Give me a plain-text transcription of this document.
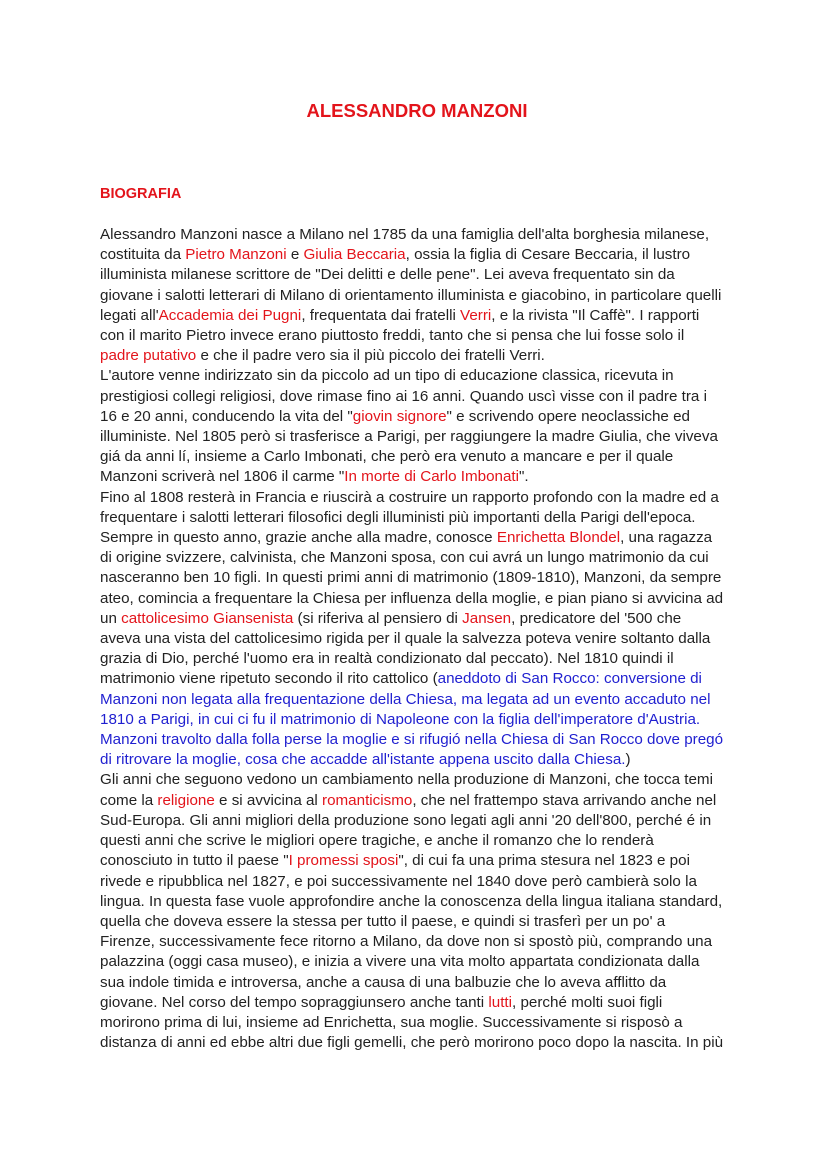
ALESSANDRO MANZONI
BIOGRAFIA
Alessandro Manzoni nasce a Milano nel 1785 da una famiglia dell'alta borghesia milanese,
costituita da Pietro Manzoni e Giulia Beccaria, ossia la figlia di Cesare Beccaria, il lustro
illuminista milanese scrittore de "Dei delitti e delle pene". Lei aveva frequentato sin da
giovane i salotti letterari di Milano di orientamento illuminista e giacobino, in particolare quelli
legati all'Accademia dei Pugni, frequentata dai fratelli Verri, e la rivista "Il Caffè". I rapporti
con il marito Pietro invece erano piuttosto freddi, tanto che si pensa che lui fosse solo il
padre putativo e che il padre vero sia il più piccolo dei fratelli Verri.
L'autore venne indirizzato sin da piccolo ad un tipo di educazione classica, ricevuta in
prestigiosi collegi religiosi, dove rimase fino ai 16 anni. Quando uscì visse con il padre tra i
16 e 20 anni, conducendo la vita del "giovin signore" e scrivendo opere neoclassiche ed
illuministe. Nel 1805 però si trasferisce a Parigi, per raggiungere la madre Giulia, che viveva
giá da anni lí, insieme a Carlo Imbonati, che però era venuto a mancare e per il quale
Manzoni scriverà nel 1806 il carme "In morte di Carlo Imbonati".
Fino al 1808 resterà in Francia e riuscirà a costruire un rapporto profondo con la madre ed a
frequentare i salotti letterari filosofici degli illuministi più importanti della Parigi dell'epoca.
Sempre in questo anno, grazie anche alla madre, conosce Enrichetta Blondel, una ragazza
di origine svizzere, calvinista, che Manzoni sposa, con cui avrá un lungo matrimonio da cui
nasceranno ben 10 figli. In questi primi anni di matrimonio (1809-1810), Manzoni, da sempre
ateo, comincia a frequentare la Chiesa per influenza della moglie, e pian piano si avvicina ad
un cattolicesimo Giansenista (si riferiva al pensiero di Jansen, predicatore del '500 che
aveva una vista del cattolicesimo rigida per il quale la salvezza poteva venire soltanto dalla
grazia di Dio, perché l'uomo era in realtà condizionato dal peccato). Nel 1810 quindi il
matrimonio viene ripetuto secondo il rito cattolico (aneddoto di San Rocco: conversione di
Manzoni non legata alla frequentazione della Chiesa, ma legata ad un evento accaduto nel
1810 a Parigi, in cui ci fu il matrimonio di Napoleone con la figlia dell'imperatore d'Austria.
Manzoni travolto dalla folla perse la moglie e si rifugió nella Chiesa di San Rocco dove pregó
di ritrovare la moglie, cosa che accadde all'istante appena uscito dalla Chiesa.)
Gli anni che seguono vedono un cambiamento nella produzione di Manzoni, che tocca temi
come la religione e si avvicina al romanticismo, che nel frattempo stava arrivando anche nel
Sud-Europa. Gli anni migliori della produzione sono legati agli anni '20 dell'800, perché é in
questi anni che scrive le migliori opere tragiche, e anche il romanzo che lo renderà
conosciuto in tutto il paese "I promessi sposi", di cui fa una prima stesura nel 1823 e poi
rivede e ripubblica nel 1827, e poi successivamente nel 1840 dove però cambierà solo la
lingua. In questa fase vuole approfondire anche la conoscenza della lingua italiana standard,
quella che doveva essere la stessa per tutto il paese, e quindi si trasferì per un po' a
Firenze, successivamente fece ritorno a Milano, da dove non si spostò più, comprando una
palazzina (oggi casa museo), e inizia a vivere una vita molto appartata condizionata dalla
sua indole timida e introversa, anche a causa di una balbuzie che lo aveva afflitto da
giovane. Nel corso del tempo sopraggiunsero anche tanti lutti, perché molti suoi figli
morirono prima di lui, insieme ad Enrichetta, sua moglie. Successivamente si risposò a
distanza di anni ed ebbe altri due figli gemelli, che però morirono poco dopo la nascita. In più
